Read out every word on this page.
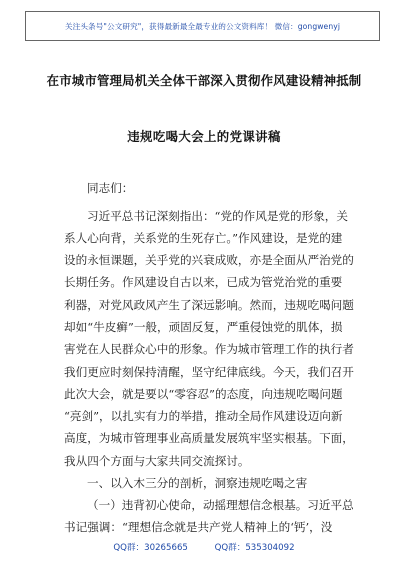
关注头条号"公文研究"，获得最新最全最专业的公文资料库！ 微信：gongwenyj
在市城市管理局机关全体干部深入贯彻作风建设精神抵制
违规吃喝大会上的党课讲稿
同志们：
习近平总书记深刻指出：“党的作风是党的形象，关
系人心向背，关系党的生死存亡。”作风建设，是党的建
设的永恒课题，关乎党的兴衰成败，亦是全面从严治党的
长期任务。作风建设自古以来，已成为管党治党的重要
利器，对党风政风产生了深远影响。然而，违规吃喝问题
却如“牛皮癣”一般，顽固反复，严重侵蚀党的肌体，损
害党在人民群众心中的形象。作为城市管理工作的执行者
我们更应时刻保持清醒，坚守纪律底线。今天，我们召开
此次大会，就是要以“零容忍”的态度，向违规吃喝问题
“亮剑”，以扎实有力的举措，推动全局作风建设迈向新
高度，为城市管理事业高质量发展筑牢坚实根基。下面，
我从四个方面与大家共同交流探讨。
一、以入木三分的剖析，洞察违规吃喝之害
（一）违背初心使命，动摇理想信念根基。习近平总
书记强调：“理想信念就是共产党人精神上的‘钙’，没
QQ群：30265665	QQ群：535304092
